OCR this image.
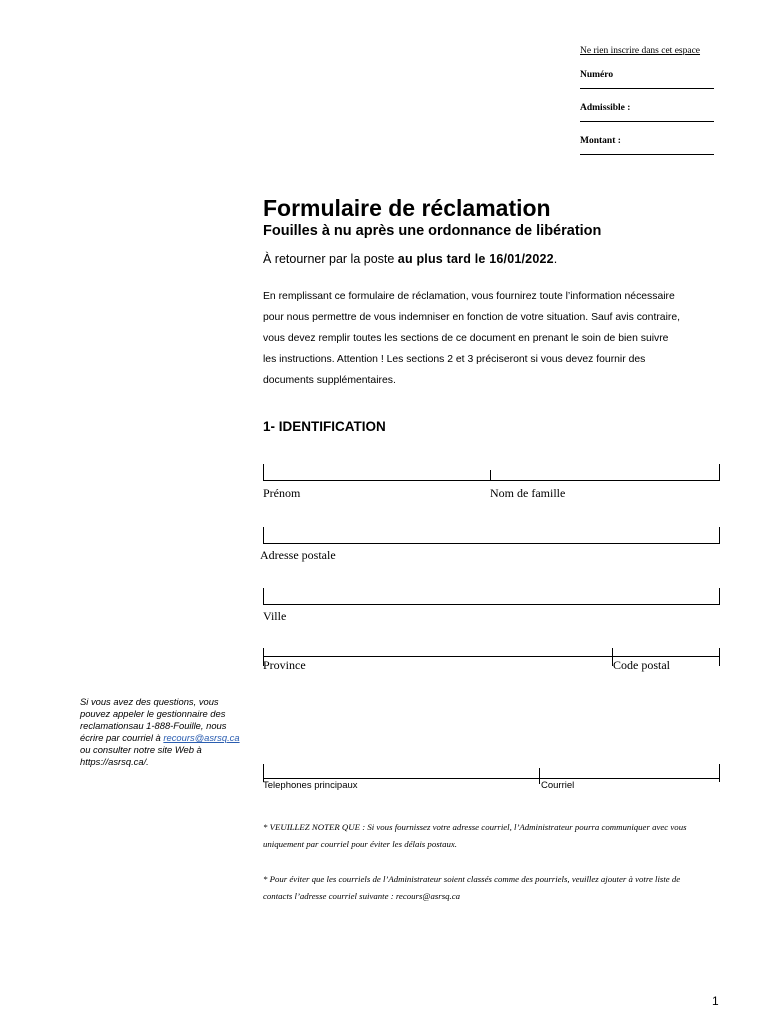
Ne rien inscrire dans cet espace
Numéro
Admissible :
Montant :
Formulaire de réclamation
Fouilles à nu après une ordonnance de libération
À retourner par la poste au plus tard le 16/01/2022.

En remplissant ce formulaire de réclamation, vous fournirez toute l’information nécessaire

pour nous permettre de vous indemniser en fonction de votre situation. Sauf avis contraire,

vous devez remplir toutes les sections de ce document en prenant le soin de bien suivre

les instructions. Attention ! Les sections 2 et 3 préciseront si vous devez fournir des

documents supplémentaires.

1- IDENTIFICATION
Prénom	Nom de famille
Adresse postale
Ville
Province	Code postal
Si vous avez des questions, vous pouvez appeler le gestionnaire des reclamationsau 1-888-Fouille, nous écrire par courriel à recours@asrsq.ca ou consulter notre site Web à https://asrsq.ca/.
Telephones principaux	Courriel
* VEUILLEZ NOTER QUE : Si vous fournissez votre adresse courriel, l’Administrateur pourra communiquer avec vous uniquement par courriel pour éviter les délais postaux.
* Pour éviter que les courriels de l’Administrateur soient classés comme des pourriels, veuillez ajouter à votre liste de contacts l’adresse courriel suivante : recours@asrsq.ca
1
